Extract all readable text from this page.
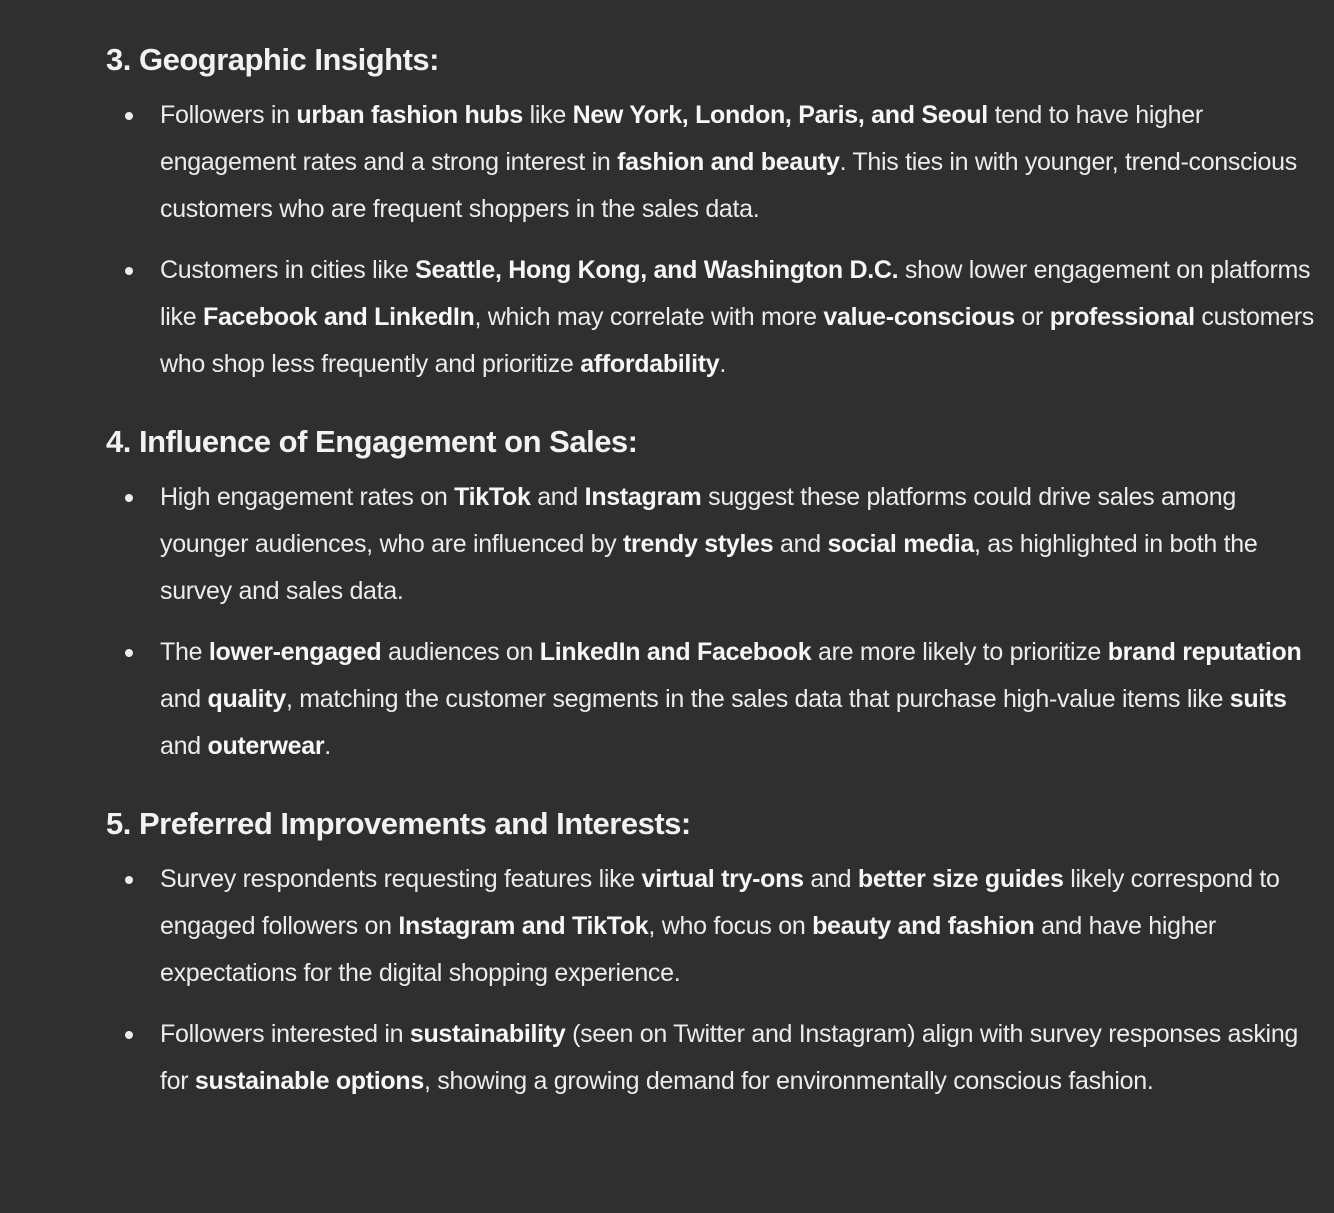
3. Geographic Insights:
Followers in urban fashion hubs like New York, London, Paris, and Seoul tend to have higher engagement rates and a strong interest in fashion and beauty. This ties in with younger, trend-conscious customers who are frequent shoppers in the sales data.
Customers in cities like Seattle, Hong Kong, and Washington D.C. show lower engagement on platforms like Facebook and LinkedIn, which may correlate with more value-conscious or professional customers who shop less frequently and prioritize affordability.
4. Influence of Engagement on Sales:
High engagement rates on TikTok and Instagram suggest these platforms could drive sales among younger audiences, who are influenced by trendy styles and social media, as highlighted in both the survey and sales data.
The lower-engaged audiences on LinkedIn and Facebook are more likely to prioritize brand reputation and quality, matching the customer segments in the sales data that purchase high-value items like suits and outerwear.
5. Preferred Improvements and Interests:
Survey respondents requesting features like virtual try-ons and better size guides likely correspond to engaged followers on Instagram and TikTok, who focus on beauty and fashion and have higher expectations for the digital shopping experience.
Followers interested in sustainability (seen on Twitter and Instagram) align with survey responses asking for sustainable options, showing a growing demand for environmentally conscious fashion.
